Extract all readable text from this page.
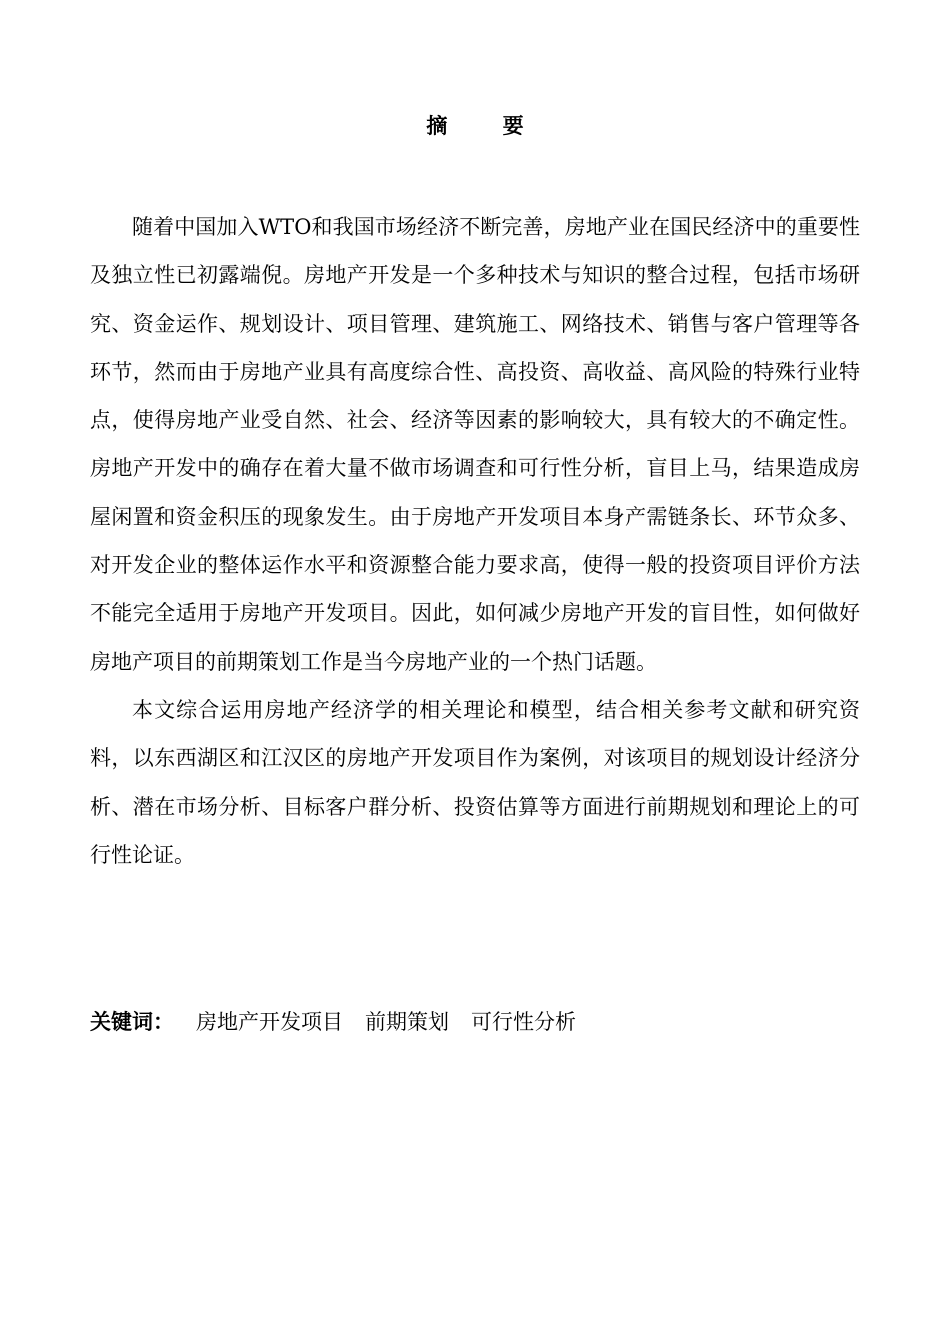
摘 要

随着中国加入WTO和我国市场经济不断完善，房地产业在国民经济中的重要性及独立性已初露端倪。房地产开发是一个多种技术与知识的整合过程，包括市场研究、资金运作、规划设计、项目管理、建筑施工、网络技术、销售与客户管理等各环节，然而由于房地产业具有高度综合性、高投资、高收益、高风险的特殊行业特点，使得房地产业受自然、社会、经济等因素的影响较大，具有较大的不确定性。房地产开发中的确存在着大量不做市场调查和可行性分析，盲目上马，结果造成房屋闲置和资金积压的现象发生。由于房地产开发项目本身产需链条长、环节众多、对开发企业的整体运作水平和资源整合能力要求高，使得一般的投资项目评价方法不能完全适用于房地产开发项目。因此，如何减少房地产开发的盲目性，如何做好房地产项目的前期策划工作是当今房地产业的一个热门话题。

本文综合运用房地产经济学的相关理论和模型，结合相关参考文献和研究资料，以东西湖区和江汉区的房地产开发项目作为案例，对该项目的规划设计经济分析、潜在市场分析、目标客户群分析、投资估算等方面进行前期规划和理论上的可行性论证。

关键词： 房地产开发项目 前期策划 可行性分析
